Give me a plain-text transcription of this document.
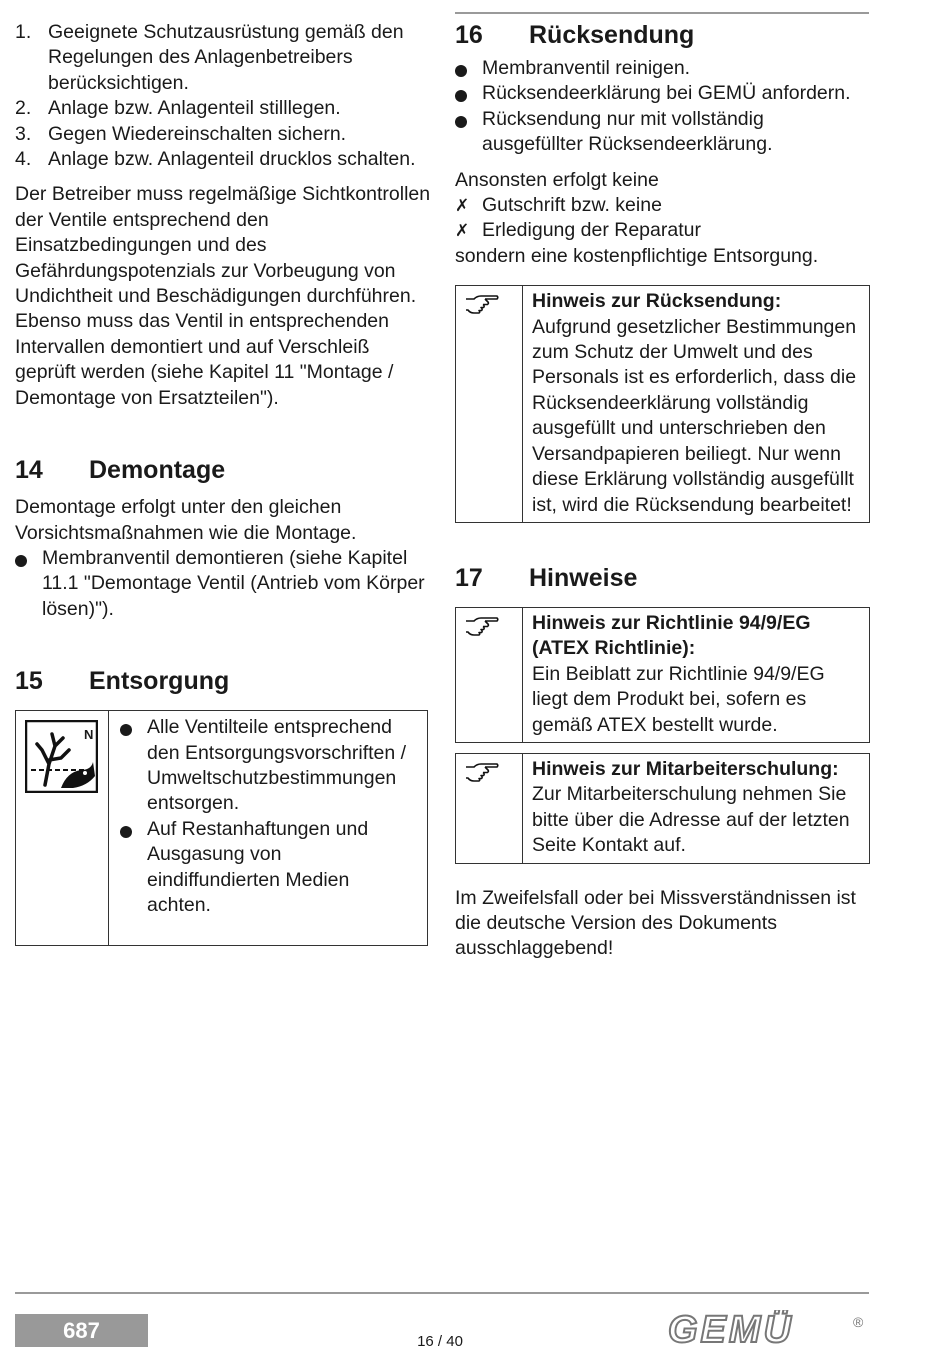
1. Geeignete Schutzausrüstung gemäß den Regelungen des Anlagenbetreibers berücksichtigen.
2. Anlage bzw. Anlagenteil stilllegen.
3. Gegen Wiedereinschalten sichern.
4. Anlage bzw. Anlagenteil drucklos schalten.

Der Betreiber muss regelmäßige Sichtkontrollen der Ventile entsprechend den Einsatzbedingungen und des Gefährdungspotenzials zur Vorbeugung von Undichtheit und Beschädigungen durchführen. Ebenso muss das Ventil in entsprechenden Intervallen demontiert und auf Verschleiß geprüft werden (siehe Kapitel 11 "Montage / Demontage von Ersatzteilen").

14	Demontage

Demontage erfolgt unter den gleichen Vorsichtsmaßnahmen wie die Montage.

Membranventil demontieren (siehe Kapitel 11.1 "Demontage Ventil (Antrieb vom Körper lösen)").
15	Entsorgung
N	Alle Ventilteile entsprechend den Entsorgungsvorschriften / Umweltschutzbestimmungen entsorgen.
Auf Restanhaftungen und Ausgasung von eindiffundierten Medien achten.
16	Rücksendung
Membranventil reinigen.
Rücksendeerklärung bei GEMÜ anfordern.
Rücksendung nur mit vollständig ausgefüllter Rücksendeerklärung.

Ansonsten erfolgt keine

✗ Gutschrift bzw. keine
✗ Erledigung der Reparatur

sondern eine kostenpflichtige Entsorgung.

Hinweis zur Rücksendung:
Aufgrund gesetzlicher Bestimmungen zum Schutz der Umwelt und des Personals ist es erforderlich, dass die Rücksendeerklärung vollständig ausgefüllt und unterschrieben den Versandpapieren beiliegt. Nur wenn diese Erklärung vollständig ausgefüllt ist, wird die Rücksendung bearbeitet!
17	Hinweise
Hinweis zur Richtlinie 94/9/EG (ATEX Richtlinie):
Ein Beiblatt zur Richtlinie 94/9/EG liegt dem Produkt bei, sofern es gemäß ATEX bestellt wurde.
Hinweis zur Mitarbeiterschulung:
Zur Mitarbeiterschulung nehmen Sie bitte über die Adresse auf der letzten Seite Kontakt auf.

Im Zweifelsfall oder bei Missverständnissen ist die deutsche Version des Dokuments ausschlaggebend!

687	16 / 40	GEMÜ	®
